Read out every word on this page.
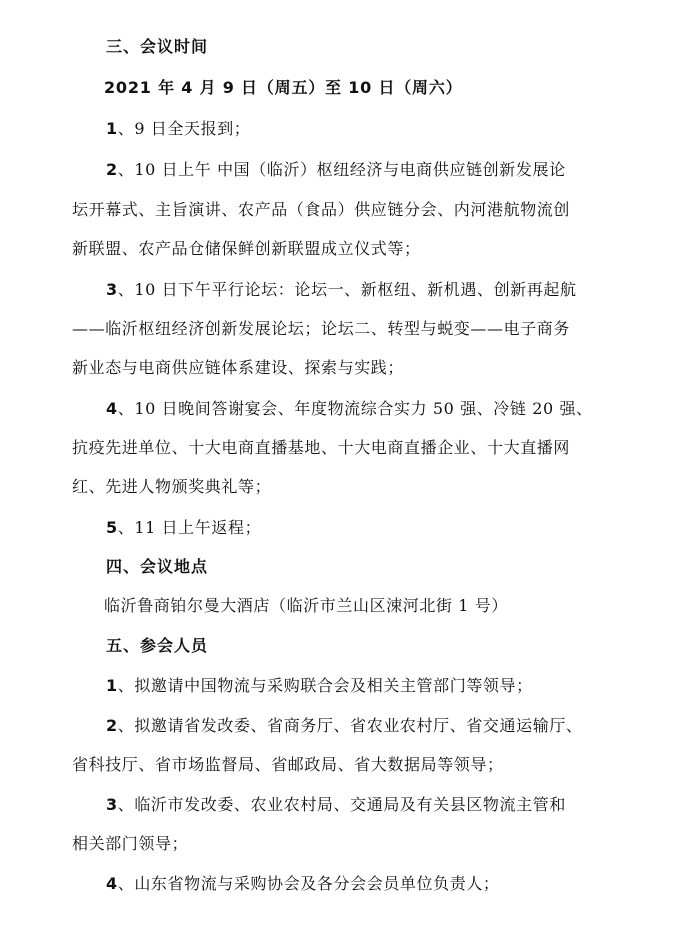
三、会议时间
2021 年 4 月 9 日（周五）至 10 日（周六）
1、9 日全天报到；
2、10 日上午 中国（临沂）枢纽经济与电商供应链创新发展论
坛开幕式、主旨演讲、农产品（食品）供应链分会、内河港航物流创
新联盟、农产品仓储保鲜创新联盟成立仪式等；
3、10 日下午平行论坛：论坛一、新枢纽、新机遇、创新再起航
——临沂枢纽经济创新发展论坛；论坛二、转型与蜕变——电子商务
新业态与电商供应链体系建设、探索与实践；
4、10 日晚间答谢宴会、年度物流综合实力 50 强、冷链 20 强、
抗疫先进单位、十大电商直播基地、十大电商直播企业、十大直播网
红、先进人物颁奖典礼等；
5、11 日上午返程；
四、会议地点
临沂鲁商铂尔曼大酒店（临沂市兰山区涑河北街 1 号）
五、参会人员
1、拟邀请中国物流与采购联合会及相关主管部门等领导；
2、拟邀请省发改委、省商务厅、省农业农村厅、省交通运输厅、
省科技厅、省市场监督局、省邮政局、省大数据局等领导；
3、临沂市发改委、农业农村局、交通局及有关县区物流主管和
相关部门领导；
4、山东省物流与采购协会及各分会会员单位负责人；
